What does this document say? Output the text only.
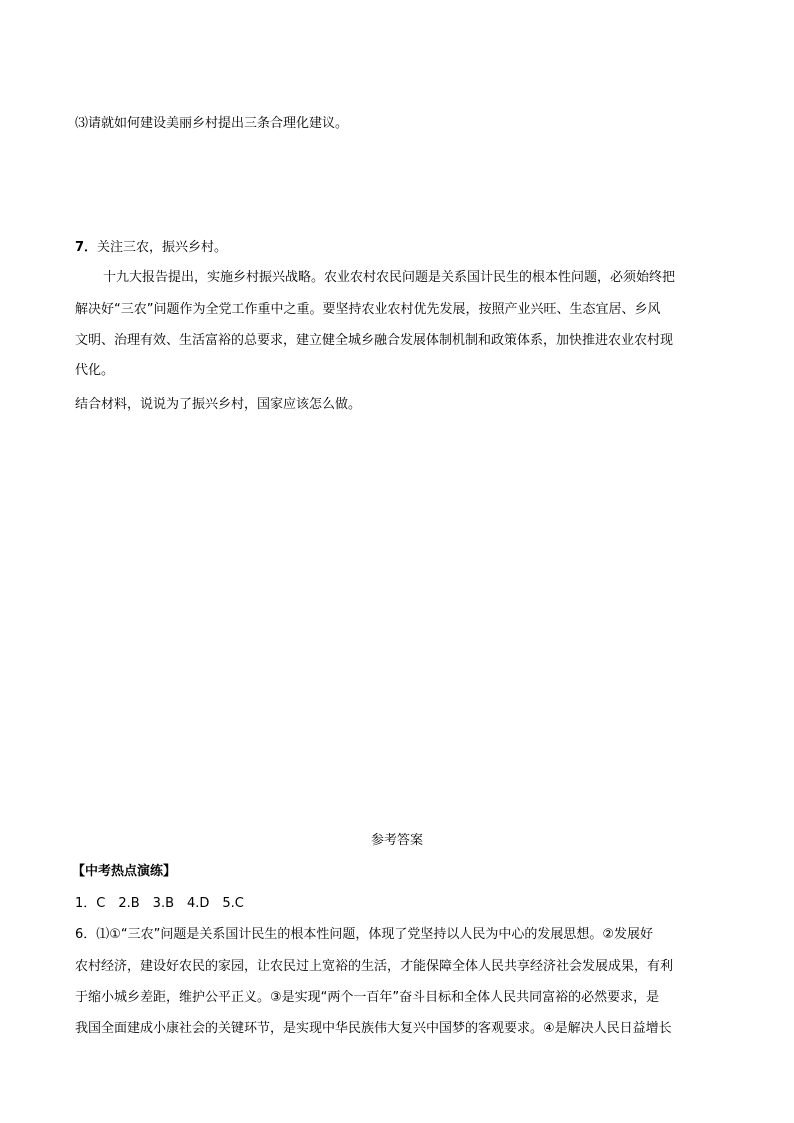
⑶请就如何建设美丽乡村提出三条合理化建议。
7．关注三农，振兴乡村。
十九大报告提出，实施乡村振兴战略。农业农村农民问题是关系国计民生的根本性问题，必须始终把
解决好“三农”问题作为全党工作重中之重。要坚持农业农村优先发展，按照产业兴旺、生态宜居、乡风
文明、治理有效、生活富裕的总要求，建立健全城乡融合发展体制机制和政策体系，加快推进农业农村现
代化。
结合材料，说说为了振兴乡村，国家应该怎么做。
参考答案
【中考热点演练】
1．C　2.B　3.B　4.D　5.C
6．⑴①“三农”问题是关系国计民生的根本性问题，体现了党坚持以人民为中心的发展思想。②发展好
农村经济，建设好农民的家园，让农民过上宽裕的生活，才能保障全体人民共享经济社会发展成果，有利
于缩小城乡差距，维护公平正义。③是实现“两个一百年”奋斗目标和全体人民共同富裕的必然要求，是
我国全面建成小康社会的关键环节，是实现中华民族伟大复兴中国梦的客观要求。④是解决人民日益增长
